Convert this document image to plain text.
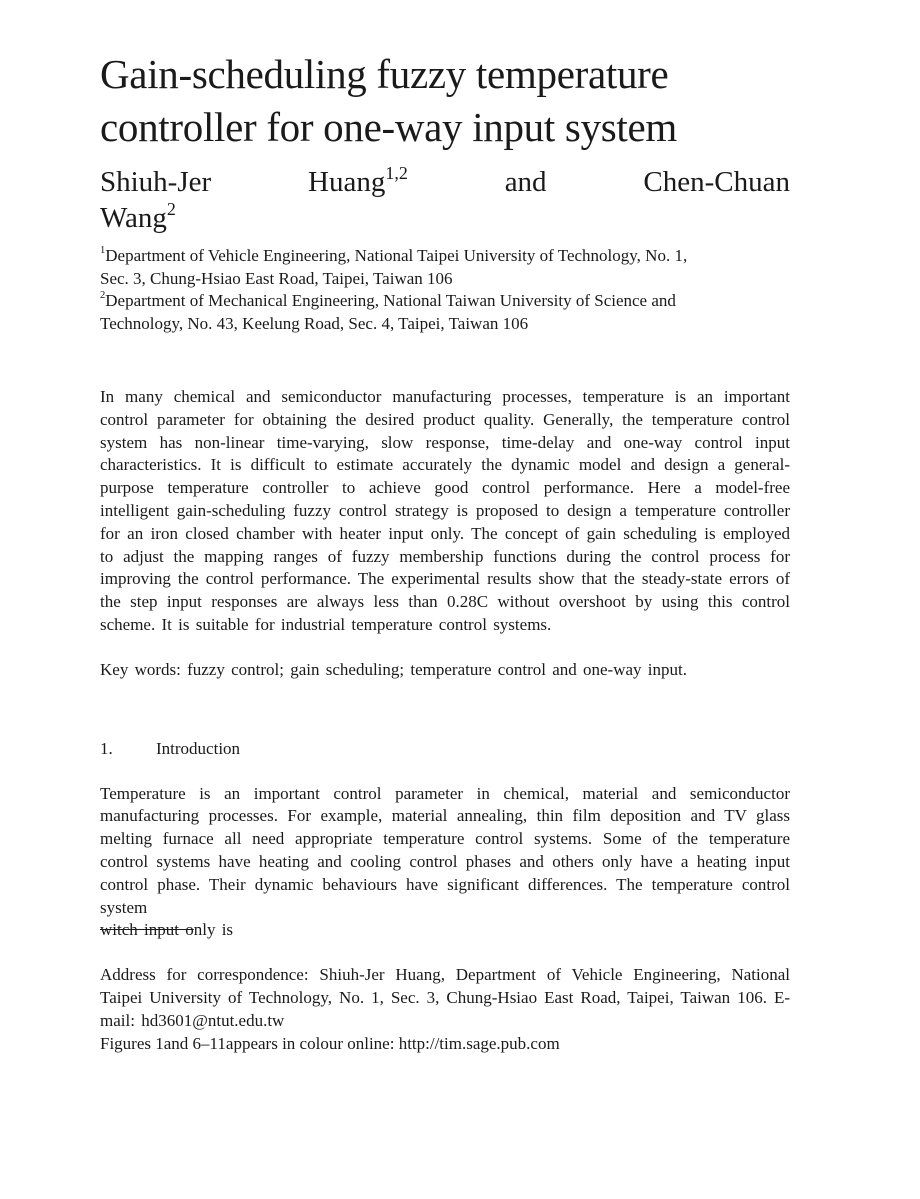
Gain-scheduling fuzzy temperature
controller for one-way input system
Shiuh-Jer	Huang$^{1,2}$	and	Chen-Chuan
Wang$^2$
$^1$Department of Vehicle Engineering, National Taipei University of Technology, No. 1,
Sec. 3, Chung-Hsiao East Road, Taipei, Taiwan 106
$^2$Department of Mechanical Engineering, National Taiwan University of Science and
Technology, No. 43, Keelung Road, Sec. 4, Taipei, Taiwan 106

In many chemical and semiconductor manufacturing processes, temperature is an important control parameter for obtaining the desired product quality. Generally, the temperature control system has non-linear time-varying, slow response, time-delay and one-way control input characteristics. It is difficult to estimate accurately the dynamic model and design a general-purpose temperature controller to achieve good control performance. Here a model-free intelligent gain-scheduling fuzzy control strategy is proposed to design a temperature controller for an iron closed chamber with heater input only. The concept of gain scheduling is employed to adjust the mapping ranges of fuzzy membership functions during the control process for improving the control performance. The experimental results show that the steady-state errors of the step input responses are always less than 0.28C without overshoot by using this control scheme. It is suitable for industrial temperature control systems.

Key words: fuzzy control; gain scheduling; temperature control and one-way input.

1.	Introduction

Temperature is an important control parameter in chemical, material and semiconductor manufacturing processes. For example, material annealing, thin film deposition and TV glass melting furnace all need appropriate temperature control systems. Some of the temperature control systems have heating and cooling control phases and others only have a heating input control phase. Their dynamic behaviours have significant differences. The temperature control system
witch input only is

Address for correspondence: Shiuh-Jer Huang, Department of Vehicle Engineering, National Taipei University of Technology, No. 1, Sec. 3, Chung-Hsiao East Road, Taipei, Taiwan 106. E-mail: hd3601@ntut.edu.tw

Figures 1and 6–11appears in colour online: http://tim.sage.pub.com
